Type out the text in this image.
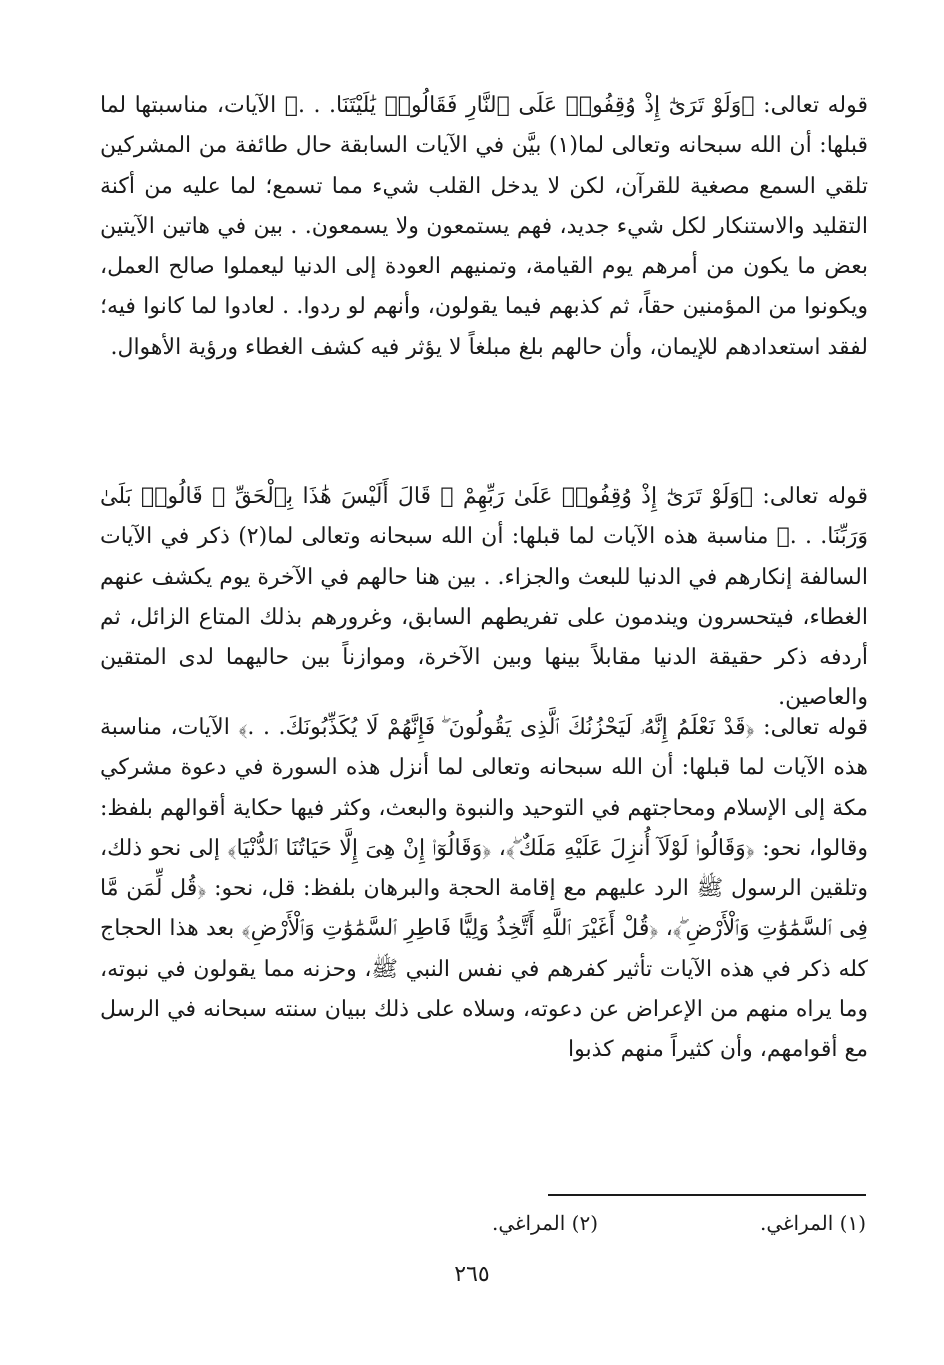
قوله تعالى: ﴿وَلَوْ تَرَىٰٓ إِذْ وُقِفُوا۟ عَلَى ٱلنَّارِ فَقَالُوا۟ يَٰلَيْتَنَا. . .﴾ الآيات، مناسبتها لما قبلها: أن الله سبحانه وتعالى لما(١) بيَّن في الآيات السابقة حال طائفة من المشركين تلقي السمع مصغية للقرآن، لكن لا يدخل القلب شيء مما تسمع؛ لما عليه من أكنة التقليد والاستنكار لكل شيء جديد، فهم يستمعون ولا يسمعون. . بين في هاتين الآيتين بعض ما يكون من أمرهم يوم القيامة، وتمنيهم العودة إلى الدنيا ليعملوا صالح العمل، ويكونوا من المؤمنين حقاً، ثم كذبهم فيما يقولون، وأنهم لو ردوا. . لعادوا لما كانوا فيه؛ لفقد استعدادهم للإيمان، وأن حالهم بلغ مبلغاً لا يؤثر فيه كشف الغطاء ورؤية الأهوال.

قوله تعالى: ﴿وَلَوْ تَرَىٰٓ إِذْ وُقِفُوا۟ عَلَىٰ رَبِّهِمْ ۚ قَالَ أَلَيْسَ هَٰذَا بِٱلْحَقِّ ۚ قَالُوا۟ بَلَىٰ وَرَبِّنَا. . .﴾ مناسبة هذه الآيات لما قبلها: أن الله سبحانه وتعالى لما(٢) ذكر في الآيات السالفة إنكارهم في الدنيا للبعث والجزاء. . بين هنا حالهم في الآخرة يوم يكشف عنهم الغطاء، فيتحسرون ويندمون على تفريطهم السابق، وغرورهم بذلك المتاع الزائل، ثم أردفه ذكر حقيقة الدنيا مقابلاً بينها وبين الآخرة، وموازناً بين حاليهما لدى المتقين والعاصين.

قوله تعالى: ﴿قَدْ نَعْلَمُ إِنَّهُۥ لَيَحْزُنُكَ ٱلَّذِى يَقُولُونَ ۖ فَإِنَّهُمْ لَا يُكَذِّبُونَكَ. . .﴾ الآيات، مناسبة هذه الآيات لما قبلها: أن الله سبحانه وتعالى لما أنزل هذه السورة في دعوة مشركي مكة إلى الإسلام ومحاجتهم في التوحيد والنبوة والبعث، وكثر فيها حكاية أقوالهم بلفظ: وقالوا، نحو: ﴿وَقَالُوا۟ لَوْلَآ أُنزِلَ عَلَيْهِ مَلَكٌ ۖ﴾، ﴿وَقَالُوٓا۟ إِنْ هِىَ إِلَّا حَيَاتُنَا ٱلدُّنْيَا﴾ إلى نحو ذلك، وتلقين الرسول ﷺ الرد عليهم مع إقامة الحجة والبرهان بلفظ: قل، نحو: ﴿قُل لِّمَن مَّا فِى ٱلسَّمَٰوَٰتِ وَٱلْأَرْضِ ۖ﴾، ﴿قُلْ أَغَيْرَ ٱللَّهِ أَتَّخِذُ وَلِيًّا فَاطِرِ ٱلسَّمَٰوَٰتِ وَٱلْأَرْضِ﴾ بعد هذا الحجاج كله ذكر في هذه الآيات تأثير كفرهم في نفس النبي ﷺ، وحزنه مما يقولون في نبوته، وما يراه منهم من الإعراض عن دعوته، وسلاه على ذلك ببيان سنته سبحانه في الرسل مع أقوامهم، وأن كثيراً منهم كذبوا

(١) المراغي.
(٢) المراغي.
٢٦٥
